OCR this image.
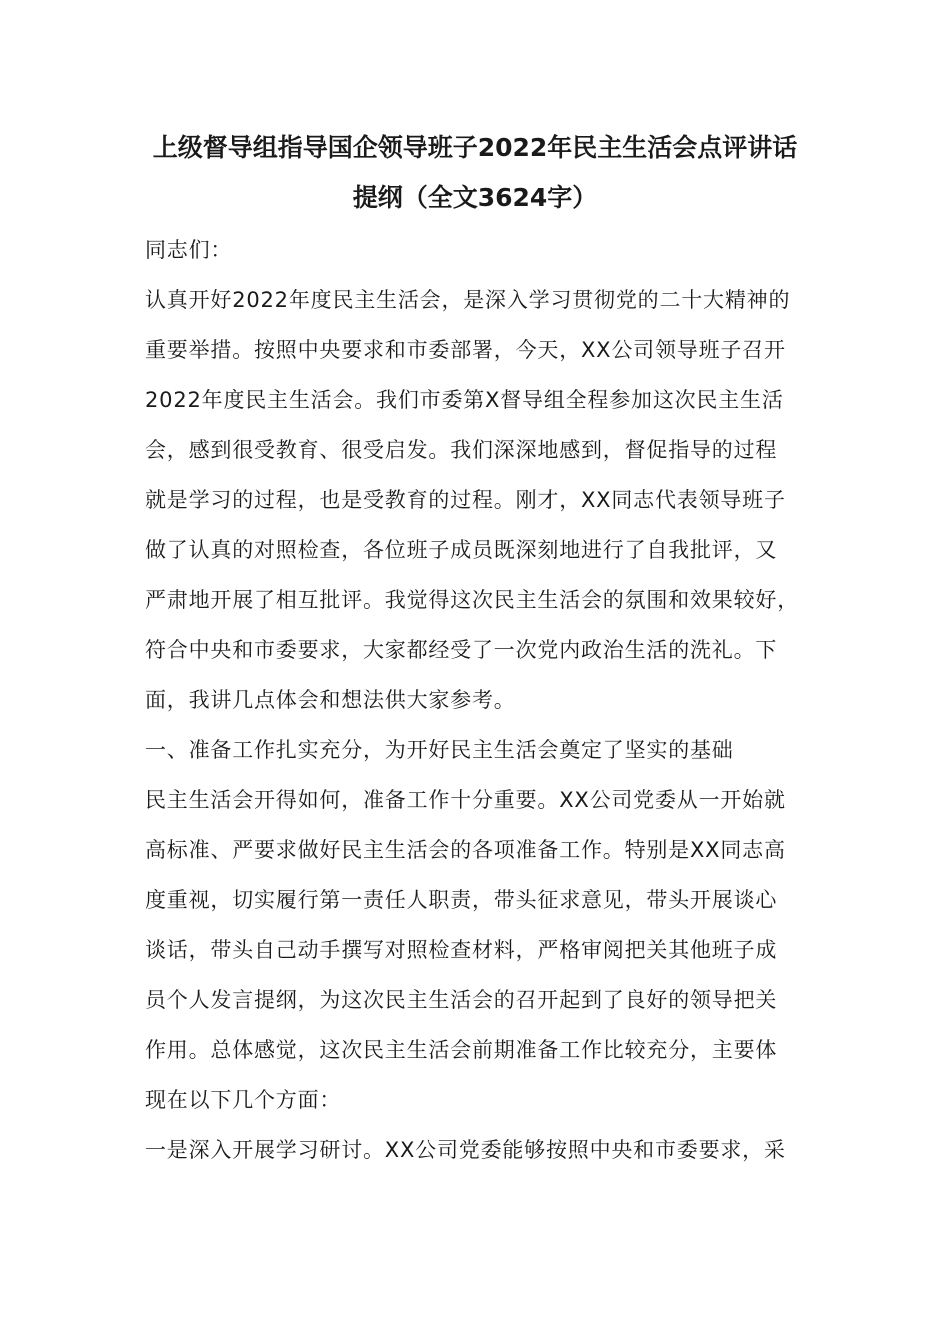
上级督导组指导国企领导班子2022年民主生活会点评讲话
提纲（全文3624字）
同志们：
认真开好2022年度民主生活会，是深入学习贯彻党的二十大精神的
重要举措。按照中央要求和市委部署，今天，XX公司领导班子召开
2022年度民主生活会。我们市委第X督导组全程参加这次民主生活
会，感到很受教育、很受启发。我们深深地感到，督促指导的过程
就是学习的过程，也是受教育的过程。刚才，XX同志代表领导班子
做了认真的对照检查，各位班子成员既深刻地进行了自我批评，又
严肃地开展了相互批评。我觉得这次民主生活会的氛围和效果较好，
符合中央和市委要求，大家都经受了一次党内政治生活的洗礼。下
面，我讲几点体会和想法供大家参考。
一、准备工作扎实充分，为开好民主生活会奠定了坚实的基础
民主生活会开得如何，准备工作十分重要。XX公司党委从一开始就
高标准、严要求做好民主生活会的各项准备工作。特别是XX同志高
度重视，切实履行第一责任人职责，带头征求意见，带头开展谈心
谈话，带头自己动手撰写对照检查材料，严格审阅把关其他班子成
员个人发言提纲，为这次民主生活会的召开起到了良好的领导把关
作用。总体感觉，这次民主生活会前期准备工作比较充分，主要体
现在以下几个方面：
一是深入开展学习研讨。XX公司党委能够按照中央和市委要求，采
